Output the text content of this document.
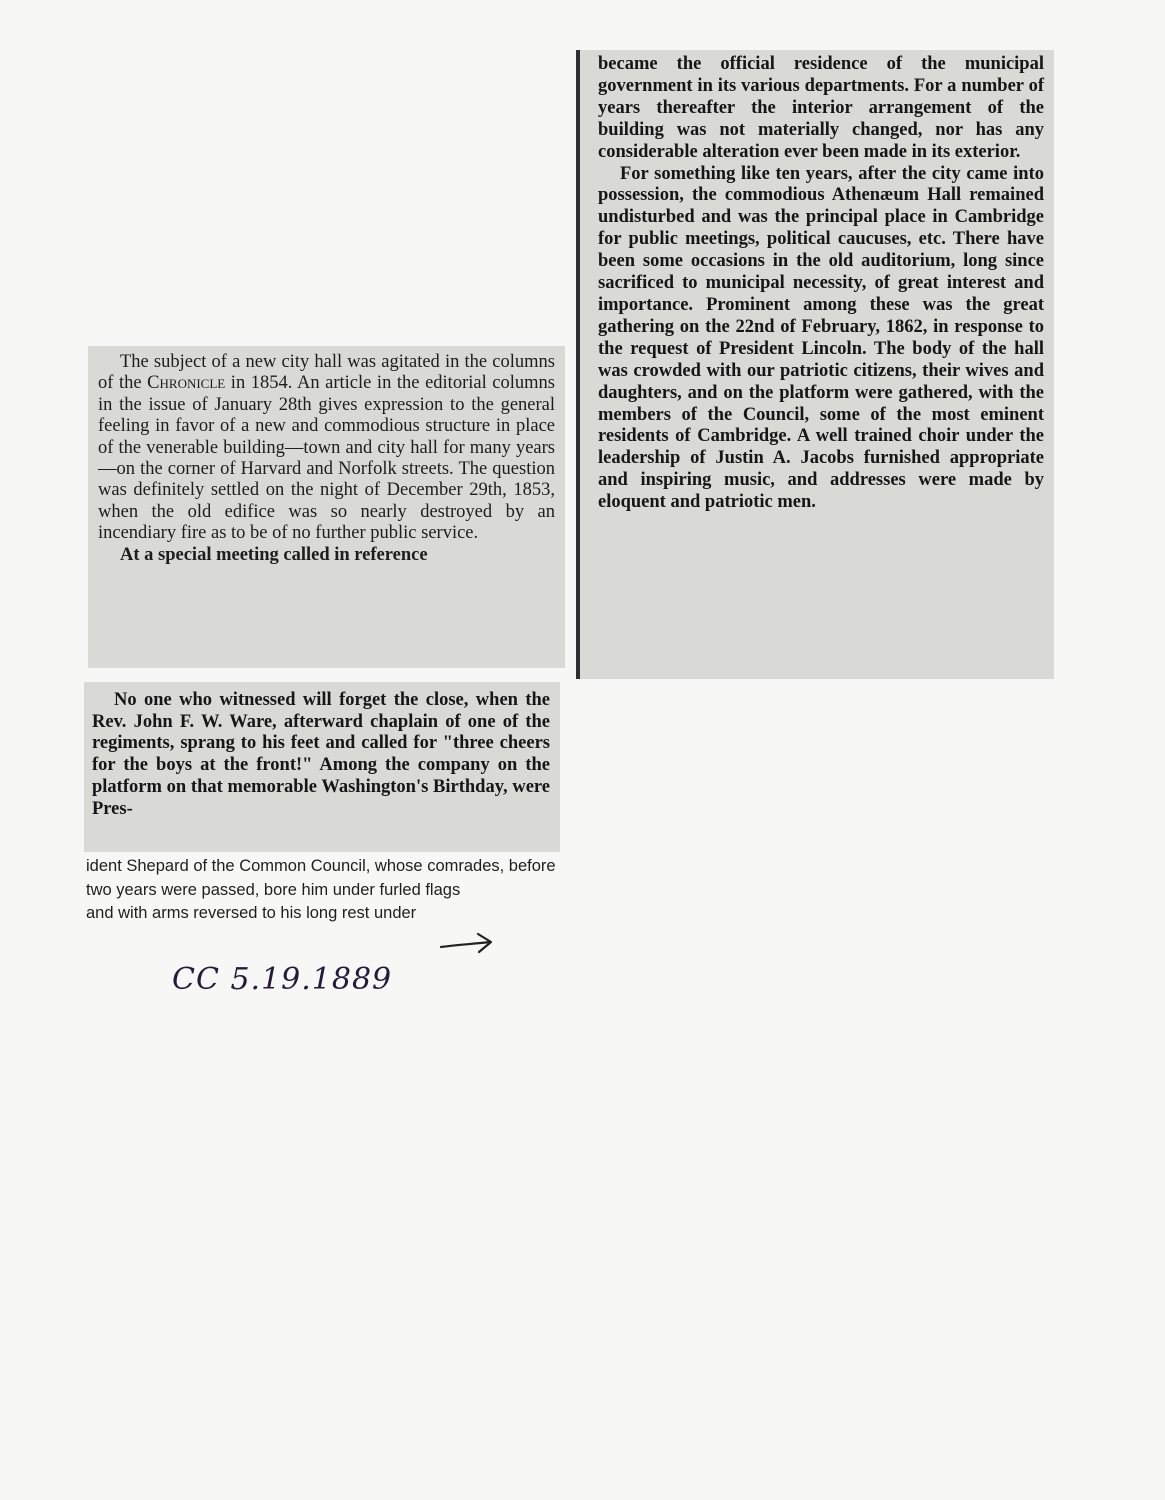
The subject of a new city hall was agitated in the columns of the Chronicle in 1854. An article in the editorial columns in the issue of January 28th gives expression to the general feeling in favor of a new and commodious structure in place of the venerable building—town and city hall for many years—on the corner of Harvard and Norfolk streets. The question was definitely settled on the night of December 29th, 1853, when the old edifice was so nearly destroyed by an incendiary fire as to be of no further public service.

At a special meeting called in reference

became the official residence of the municipal government in its various departments. For a number of years thereafter the interior arrangement of the building was not materially changed, nor has any considerable alteration ever been made in its exterior.

For something like ten years, after the city came into possession, the commodious Athenæum Hall remained undisturbed and was the principal place in Cambridge for public meetings, political caucuses, etc. There have been some occasions in the old auditorium, long since sacrificed to municipal necessity, of great interest and importance. Prominent among these was the great gathering on the 22nd of February, 1862, in response to the request of President Lincoln. The body of the hall was crowded with our patriotic citizens, their wives and daughters, and on the platform were gathered, with the members of the Council, some of the most eminent residents of Cambridge. A well trained choir under the leadership of Justin A. Jacobs furnished appropriate and inspiring music, and addresses were made by eloquent and patriotic men.

No one who witnessed will forget the close, when the Rev. John F. W. Ware, afterward chaplain of one of the regiments, sprang to his feet and called for "three cheers for the boys at the front!" Among the company on the platform on that memorable Washington's Birthday, were Pres-

ident Shepard of the Common Council, whose comrades, before
two years were passed, bore him under furled flags
and with arms reversed to his long rest under
CC 5.19.1889
